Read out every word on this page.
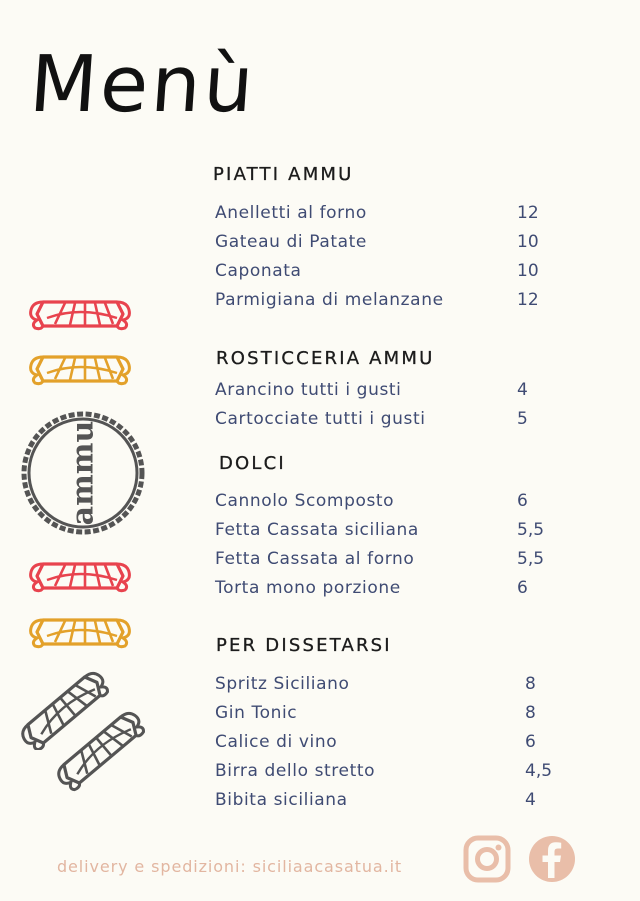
Menù
ammu
PIATTI AMMU
Anelletti al forno	12
Gateau di Patate	10
Caponata	10
Parmigiana di melanzane	12
ROSTICCERIA AMMU
Arancino tutti i gusti	4
Cartocciate tutti i gusti	5
DOLCI
Cannolo Scomposto	6
Fetta Cassata siciliana	5,5
Fetta Cassata al forno	5,5
Torta mono porzione	6
PER DISSETARSI
Spritz Siciliano	8
Gin Tonic	8
Calice di vino	6
Birra dello stretto	4,5
Bibita siciliana	4
delivery e spedizioni: siciliaacasatua.it
